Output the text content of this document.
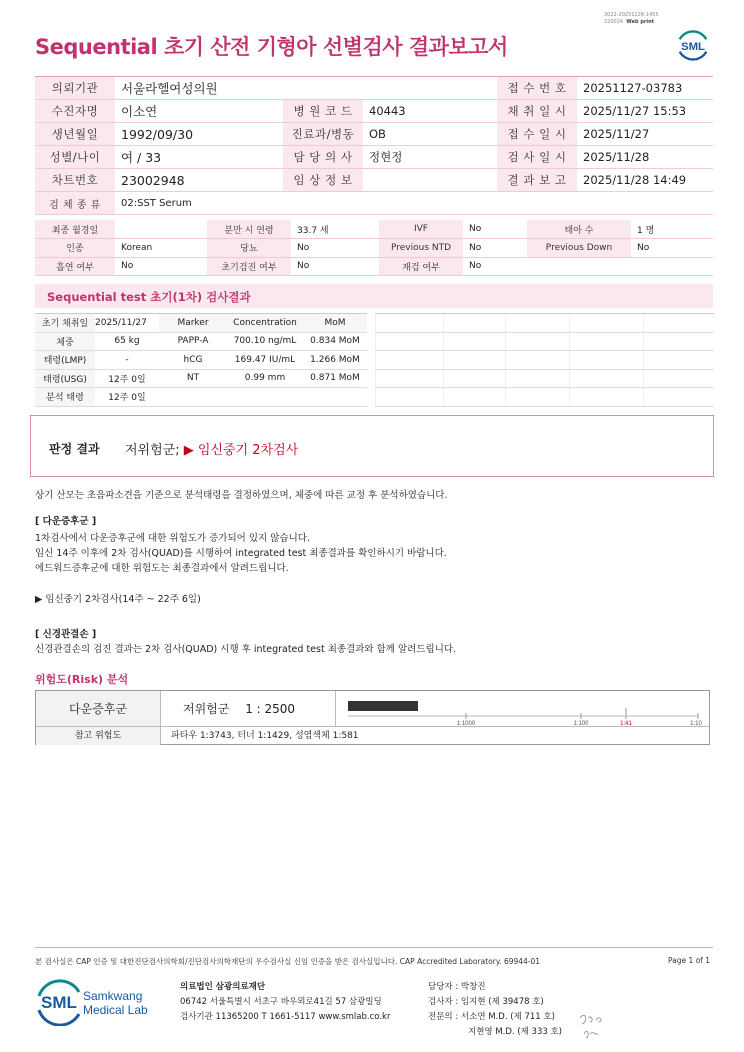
3022-20251128-1455
220024 Web print
Sequential 초기 산전 기형아 선별검사 결과보고서	SML
의뢰기관	서울라헬여성의원			접 수 번 호	20251127-03783
수진자명	이소연	병 원 코 드	40443	채 취 일 시	2025/11/27 15:53
생년월일	1992/09/30	진료과/병동	OB	접 수 일 시	2025/11/27
성별/나이	여 / 33	담 당 의 사	정현정	검 사 일 시	2025/11/28
차트번호	23002948	임 상 정 보		결 과 보 고	2025/11/28 14:49
검 체 종 류	02:SST Serum				
최종 월경일		분만 시 연령	33.7 세	IVF	No	태아 수	1 명
인종	Korean	당뇨	No	Previous NTD	No	Previous Down	No
흡연 여부	No	초기검진 여부	No	재검 여부	No		
Sequential test 초기(1차) 검사결과
초기 채취일	2025/11/27	Marker	Concentration	MoM
체중	65 kg	PAPP-A	700.10 ng/mL	0.834 MoM
태령(LMP)	-	hCG	169.47 IU/mL	1.266 MoM
태령(USG)	12주 0일	NT	0.99 mm	0.871 MoM
분석 태령	12주 0일			

판정 결과 저위험군; ▶ 임신중기 2차검사
상기 산모는 초음파소견을 기준으로 분석태령을 결정하였으며, 체중에 따른 교정 후 분석하였습니다.
[ 다운증후군 ]
1차검사에서 다운증후군에 대한 위험도가 증가되어 있지 않습니다.
임신 14주 이후에 2차 검사(QUAD)를 시행하여 integrated test 최종결과를 확인하시기 바랍니다.
에드워드증후군에 대한 위험도는 최종결과에서 알려드립니다.
▶ 임신중기 2차검사(14주 ~ 22주 6일)
[ 신경관결손 ]
신경관결손의 검진 결과는 2차 검사(QUAD) 시행 후 integrated test 최종결과와 함께 알려드립니다.
위험도(Risk) 분석
다운증후군	저위험군 1 : 2500
1:1000	1:100	1:41	1:10
참고 위험도	파타우 1:3743, 터너 1:1429, 성염색체 1:581
본 검사실은 CAP 인증 및 대한진단검사의학회/진단검사의학재단의 우수검사실 신임 인증을 받은 검사실입니다. CAP Accredited Laboratory. 69944-01	Page 1 of 1
SML Samkwang
Medical Lab
의료법인 삼광의료재단
06742 서울특별시 서초구 바우뫼로41길 57 삼광빌딩
검사기관 11365200 T 1661-5117 www.smlab.co.kr
담당자 : 박창진
검사자 : 임지현 (제 39478 호)
전문의 : 서소연 M.D. (제 711 호)
지현영 M.D. (제 333 호)
